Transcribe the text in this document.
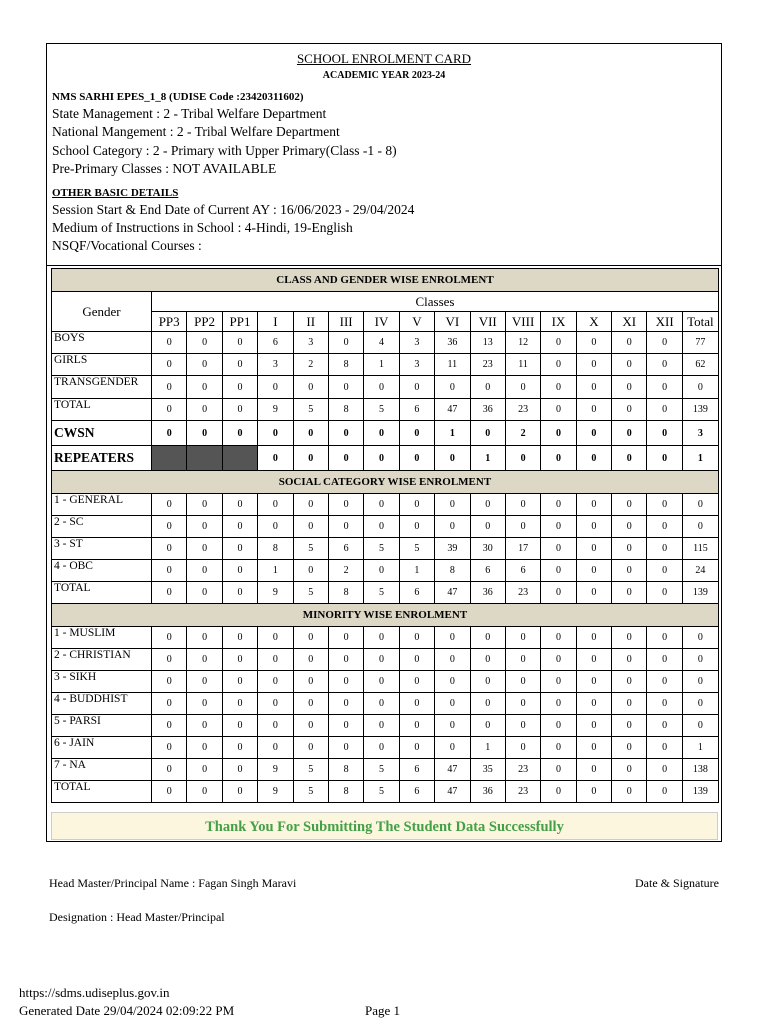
SCHOOL ENROLMENT CARD
ACADEMIC YEAR 2023-24
NMS SARHI EPES_1_8 (UDISE Code :23420311602)
State Management : 2 - Tribal Welfare Department
National Mangement : 2 - Tribal Welfare Department
School Category : 2 - Primary with Upper Primary(Class -1 - 8)
Pre-Primary Classes : NOT AVAILABLE
OTHER BASIC DETAILS
Session Start & End Date of Current AY : 16/06/2023 - 29/04/2024
Medium of Instructions in School : 4-Hindi, 19-English
NSQF/Vocational Courses :
CLASS AND GENDER WISE ENROLMENT																
Gender	Classes															
	PP3	PP2	PP1	I	II	III	IV	V	VI	VII	VIII	IX	X	XI	XII	Total
BOYS	0	0	0	6	3	0	4	3	36	13	12	0	0	0	0	77
GIRLS	0	0	0	3	2	8	1	3	11	23	11	0	0	0	0	62
TRANSGENDER	0	0	0	0	0	0	0	0	0	0	0	0	0	0	0	0
TOTAL	0	0	0	9	5	8	5	6	47	36	23	0	0	0	0	139
CWSN	0	0	0	0	0	0	0	0	1	0	2	0	0	0	0	3
REPEATERS				0	0	0	0	0	0	1	0	0	0	0	0	1
SOCIAL CATEGORY WISE ENROLMENT																
1 - GENERAL	0	0	0	0	0	0	0	0	0	0	0	0	0	0	0	0
2 - SC	0	0	0	0	0	0	0	0	0	0	0	0	0	0	0	0
3 - ST	0	0	0	8	5	6	5	5	39	30	17	0	0	0	0	115
4 - OBC	0	0	0	1	0	2	0	1	8	6	6	0	0	0	0	24
TOTAL	0	0	0	9	5	8	5	6	47	36	23	0	0	0	0	139
MINORITY WISE ENROLMENT																
1 - MUSLIM	0	0	0	0	0	0	0	0	0	0	0	0	0	0	0	0
2 - CHRISTIAN	0	0	0	0	0	0	0	0	0	0	0	0	0	0	0	0
3 - SIKH	0	0	0	0	0	0	0	0	0	0	0	0	0	0	0	0
4 - BUDDHIST	0	0	0	0	0	0	0	0	0	0	0	0	0	0	0	0
5 - PARSI	0	0	0	0	0	0	0	0	0	0	0	0	0	0	0	0
6 - JAIN	0	0	0	0	0	0	0	0	0	1	0	0	0	0	0	1
7 - NA	0	0	0	9	5	8	5	6	47	35	23	0	0	0	0	138
TOTAL	0	0	0	9	5	8	5	6	47	36	23	0	0	0	0	139
Thank You For Submitting The Student Data Successfully
Head Master/Principal Name : Fagan Singh Maravi	Date & Signature
Designation : Head Master/Principal
https://sdms.udiseplus.gov.in
Generated Date 29/04/2024 02:09:22 PM	Page 1
